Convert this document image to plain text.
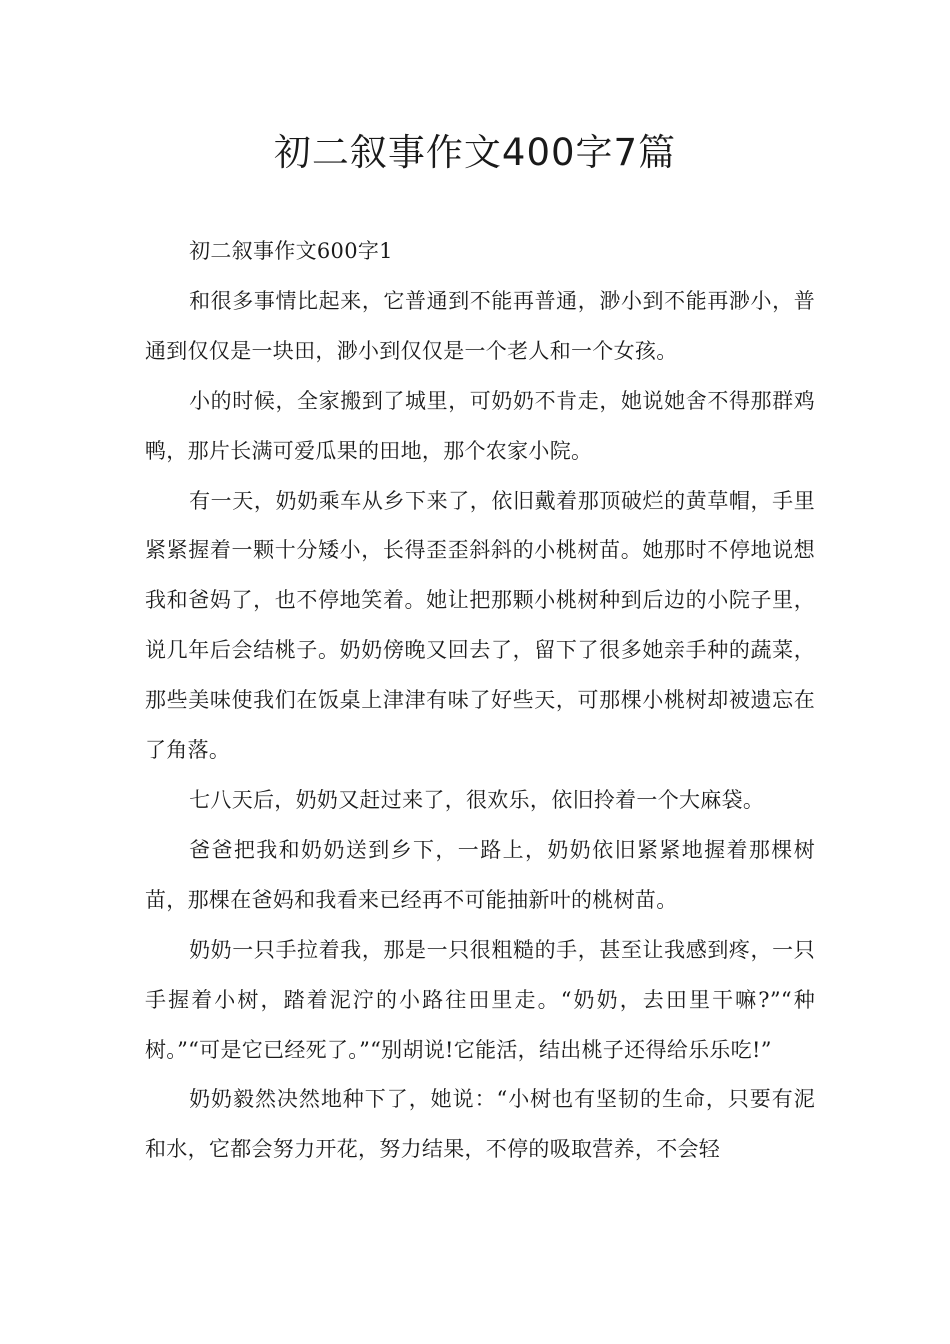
初二叙事作文400字7篇

初二叙事作文600字1

和很多事情比起来，它普通到不能再普通，渺小到不能再渺小，普通到仅仅是一块田，渺小到仅仅是一个老人和一个女孩。

小的时候，全家搬到了城里，可奶奶不肯走，她说她舍不得那群鸡鸭，那片长满可爱瓜果的田地，那个农家小院。

有一天，奶奶乘车从乡下来了，依旧戴着那顶破烂的黄草帽，手里紧紧握着一颗十分矮小，长得歪歪斜斜的小桃树苗。她那时不停地说想我和爸妈了，也不停地笑着。她让把那颗小桃树种到后边的小院子里，说几年后会结桃子。奶奶傍晚又回去了，留下了很多她亲手种的蔬菜，那些美味使我们在饭桌上津津有味了好些天，可那棵小桃树却被遗忘在了角落。

七八天后，奶奶又赶过来了，很欢乐，依旧拎着一个大麻袋。

爸爸把我和奶奶送到乡下，一路上，奶奶依旧紧紧地握着那棵树苗，那棵在爸妈和我看来已经再不可能抽新叶的桃树苗。

奶奶一只手拉着我，那是一只很粗糙的手，甚至让我感到疼，一只手握着小树，踏着泥泞的小路往田里走。“奶奶，去田里干嘛?”“种树。”“可是它已经死了。”“别胡说!它能活，结出桃子还得给乐乐吃!”

奶奶毅然决然地种下了，她说：“小树也有坚韧的生命，只要有泥和水，它都会努力开花，努力结果，不停的吸取营养，不会轻
